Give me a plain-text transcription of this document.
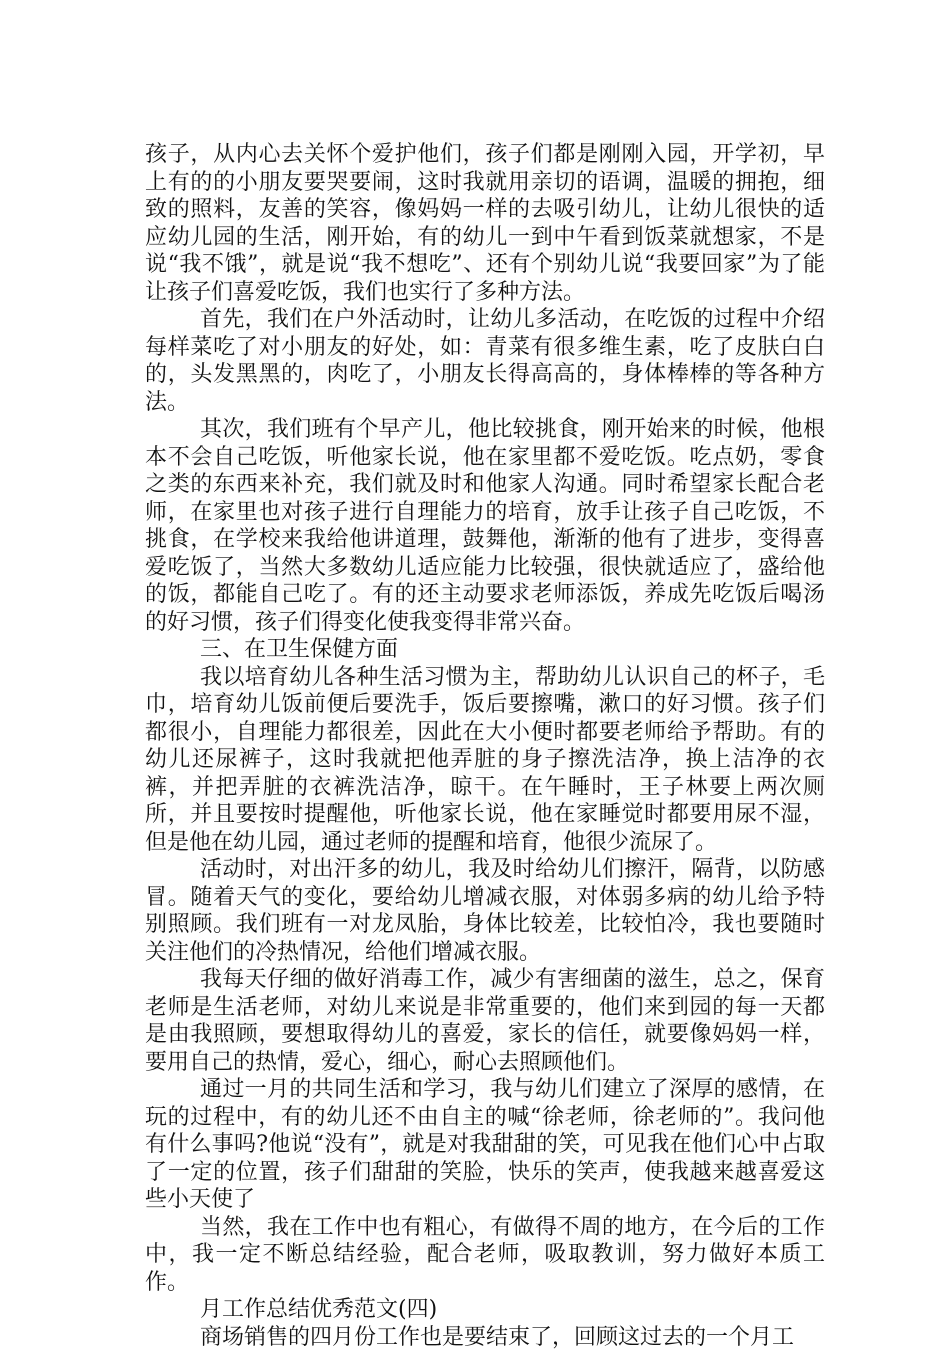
孩子，从内心去关怀个爱护他们，孩子们都是刚刚入园，开学初，早上有的的小朋友要哭要闹，这时我就用亲切的语调，温暖的拥抱，细致的照料，友善的笑容，像妈妈一样的去吸引幼儿，让幼儿很快的适应幼儿园的生活，刚开始，有的幼儿一到中午看到饭菜就想家，不是说“我不饿”，就是说“我不想吃”、还有个别幼儿说“我要回家”为了能让孩子们喜爱吃饭，我们也实行了多种方法。

首先，我们在户外活动时，让幼儿多活动，在吃饭的过程中介绍每样菜吃了对小朋友的好处，如：青菜有很多维生素，吃了皮肤白白的，头发黑黑的，肉吃了，小朋友长得高高的，身体棒棒的等各种方法。

其次，我们班有个早产儿，他比较挑食，刚开始来的时候，他根本不会自己吃饭，听他家长说，他在家里都不爱吃饭。吃点奶，零食之类的东西来补充，我们就及时和他家人沟通。同时希望家长配合老师，在家里也对孩子进行自理能力的培育，放手让孩子自己吃饭，不挑食，在学校来我给他讲道理，鼓舞他，渐渐的他有了进步，变得喜爱吃饭了，当然大多数幼儿适应能力比较强，很快就适应了，盛给他的饭，都能自己吃了。有的还主动要求老师添饭，养成先吃饭后喝汤的好习惯，孩子们得变化使我变得非常兴奋。

三、在卫生保健方面

我以培育幼儿各种生活习惯为主，帮助幼儿认识自己的杯子，毛巾，培育幼儿饭前便后要洗手，饭后要擦嘴，漱口的好习惯。孩子们都很小，自理能力都很差，因此在大小便时都要老师给予帮助。有的幼儿还尿裤子，这时我就把他弄脏的身子擦洗洁净，换上洁净的衣裤，并把弄脏的衣裤洗洁净，晾干。在午睡时，王子林要上两次厕所，并且要按时提醒他，听他家长说，他在家睡觉时都要用尿不湿，但是他在幼儿园，通过老师的提醒和培育，他很少流尿了。

活动时，对出汗多的幼儿，我及时给幼儿们擦汗，隔背，以防感冒。随着天气的变化，要给幼儿增减衣服，对体弱多病的幼儿给予特别照顾。我们班有一对龙凤胎，身体比较差，比较怕冷，我也要随时关注他们的冷热情况，给他们增减衣服。

我每天仔细的做好消毒工作，减少有害细菌的滋生，总之，保育老师是生活老师，对幼儿来说是非常重要的，他们来到园的每一天都是由我照顾，要想取得幼儿的喜爱，家长的信任，就要像妈妈一样，要用自己的热情，爱心，细心，耐心去照顾他们。

通过一月的共同生活和学习，我与幼儿们建立了深厚的感情，在玩的过程中，有的幼儿还不由自主的喊“徐老师，徐老师的”。我问他有什么事吗?他说“没有”，就是对我甜甜的笑，可见我在他们心中占取了一定的位置，孩子们甜甜的笑脸，快乐的笑声，使我越来越喜爱这些小天使了

当然，我在工作中也有粗心，有做得不周的地方，在今后的工作中，我一定不断总结经验，配合老师，吸取教训，努力做好本质工作。

月工作总结优秀范文(四)

商场销售的四月份工作也是要结束了，回顾这过去的一个月工
